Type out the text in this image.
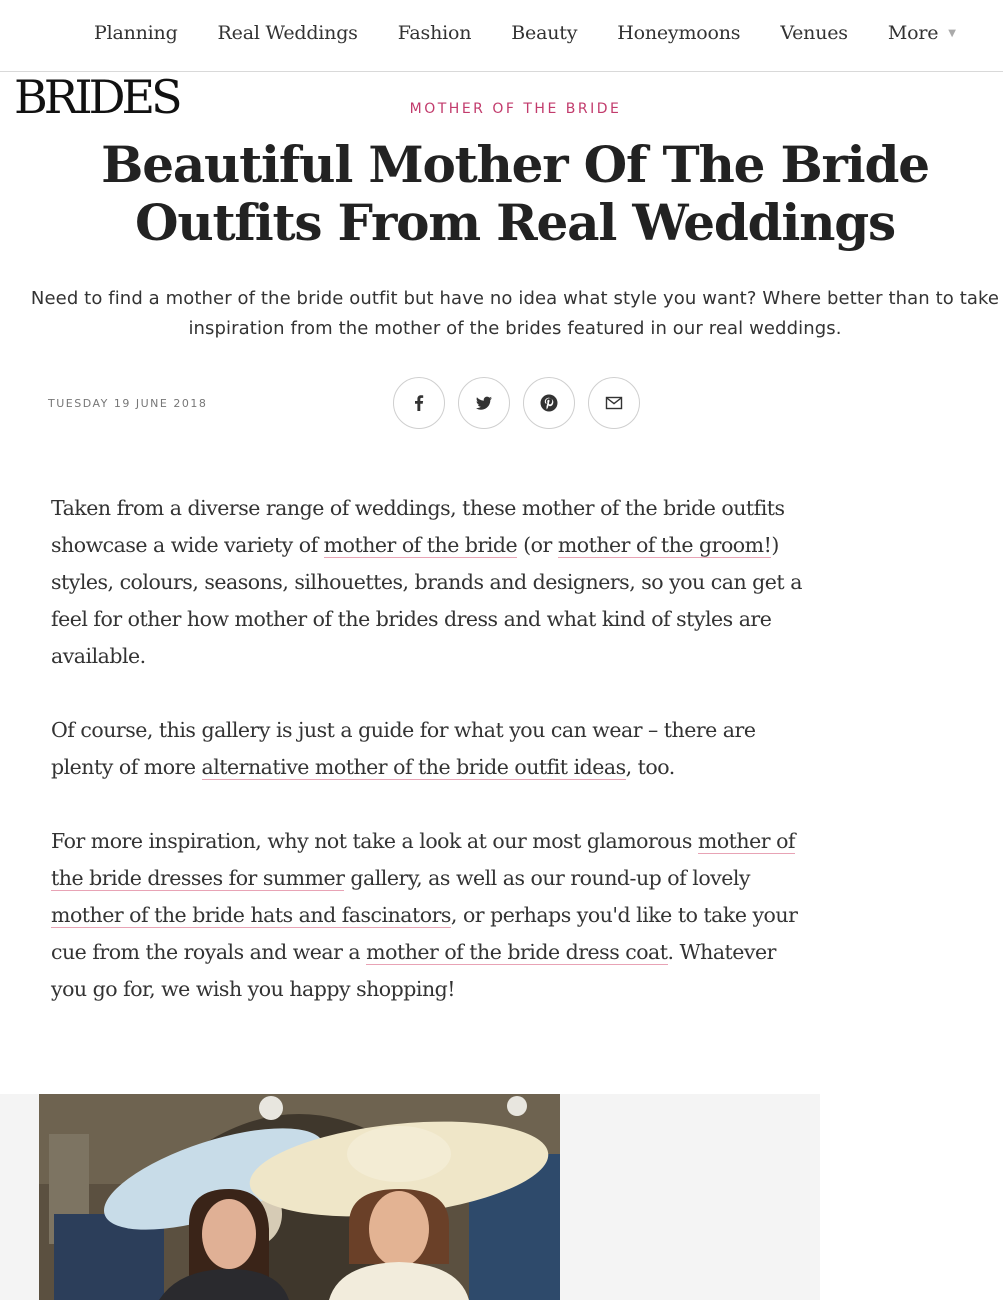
Planning Real Weddings Fashion Beauty Honeymoons Venues More ▼
BRIDES	MOTHER OF THE BRIDE
Beautiful Mother Of The Bride Outfits From Real Weddings

Need to find a mother of the bride outfit but have no idea what style you want? Where better than to take inspiration from the mother of the brides featured in our real weddings.

TUESDAY 19 JUNE 2018

Taken from a diverse range of weddings, these mother of the bride outfits showcase a wide variety of mother of the bride (or mother of the groom!) styles, colours, seasons, silhouettes, brands and designers, so you can get a feel for other how mother of the brides dress and what kind of styles are available.

Of course, this gallery is just a guide for what you can wear – there are plenty of more alternative mother of the bride outfit ideas, too.

For more inspiration, why not take a look at our most glamorous mother of the bride dresses for summer gallery, as well as our round-up of lovely mother of the bride hats and fascinators, or perhaps you'd like to take your cue from the royals and wear a mother of the bride dress coat. Whatever you go for, we wish you happy shopping!
